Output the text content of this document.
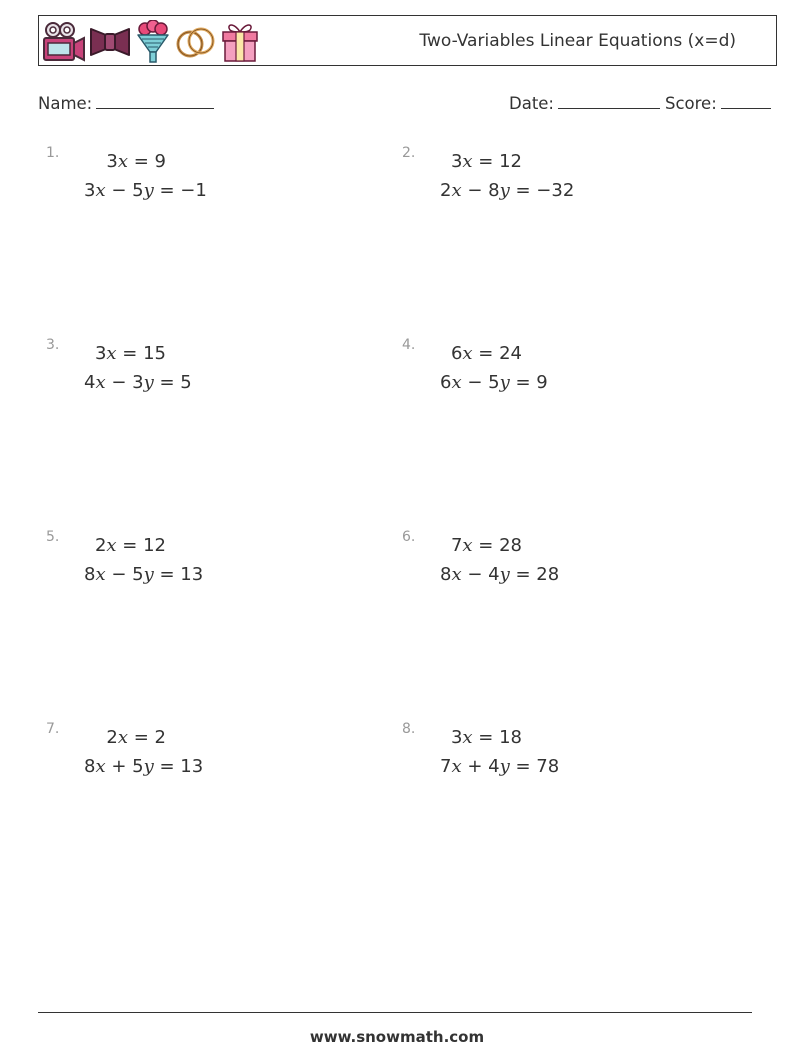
Two-Variables Linear Equations (x=d)
Name:	Date:	Score:
1.	3x = 9
3x − 5y = −1
2.	3x = 12
2x − 8y = −32
3.	3x = 15
4x − 3y = 5
4.	6x = 24
6x − 5y = 9
5.	2x = 12
8x − 5y = 13
6.	7x = 28
8x − 4y = 28
7.	2x = 2
8x + 5y = 13
8.	3x = 18
7x + 4y = 78
www.snowmath.com
